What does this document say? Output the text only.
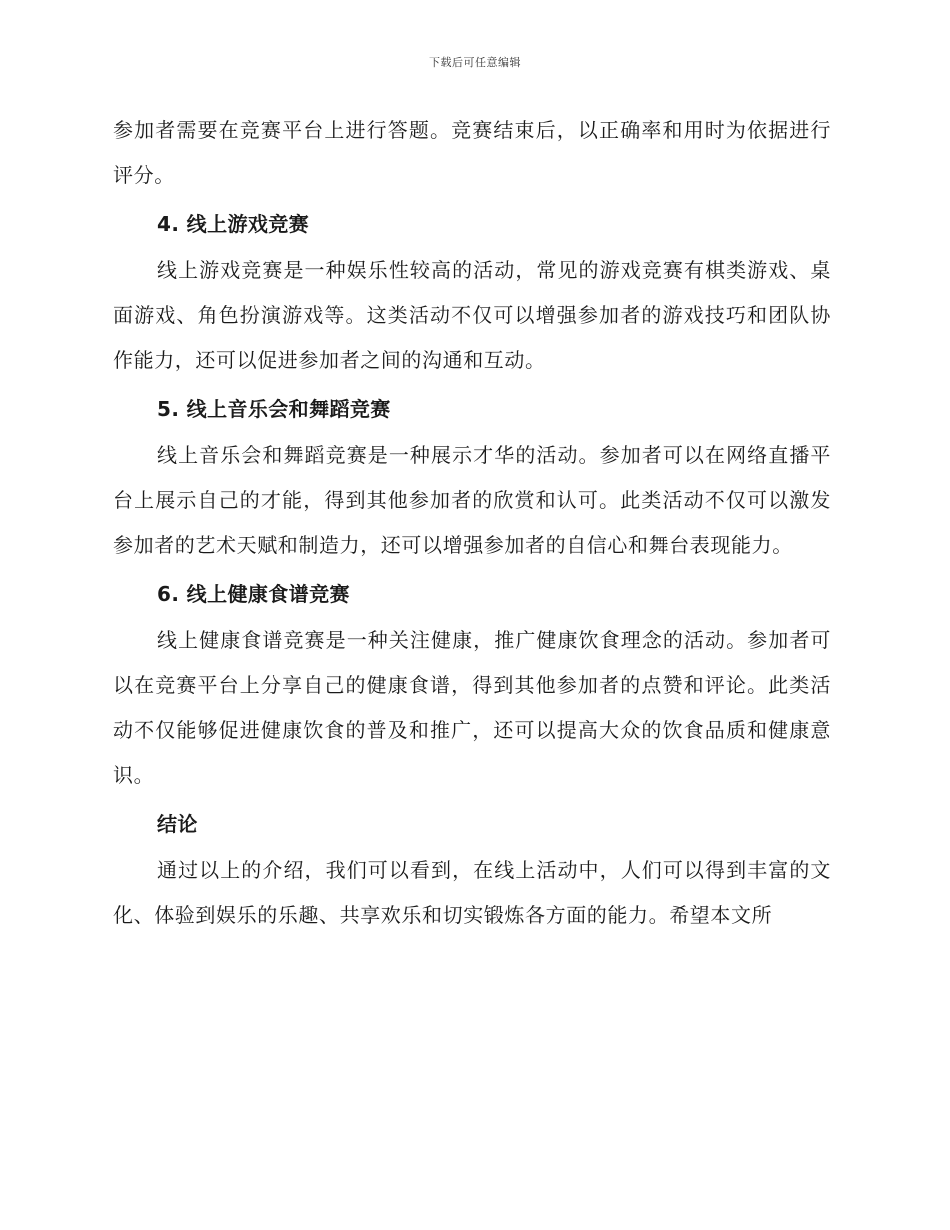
下载后可任意编辑

参加者需要在竞赛平台上进行答题。竞赛结束后，以正确率和用时为依据进行评分。

4. 线上游戏竞赛

线上游戏竞赛是一种娱乐性较高的活动，常见的游戏竞赛有棋类游戏、桌面游戏、角色扮演游戏等。这类活动不仅可以增强参加者的游戏技巧和团队协作能力，还可以促进参加者之间的沟通和互动。

5. 线上音乐会和舞蹈竞赛

线上音乐会和舞蹈竞赛是一种展示才华的活动。参加者可以在网络直播平台上展示自己的才能，得到其他参加者的欣赏和认可。此类活动不仅可以激发参加者的艺术天赋和制造力，还可以增强参加者的自信心和舞台表现能力。

6. 线上健康食谱竞赛

线上健康食谱竞赛是一种关注健康，推广健康饮食理念的活动。参加者可以在竞赛平台上分享自己的健康食谱，得到其他参加者的点赞和评论。此类活动不仅能够促进健康饮食的普及和推广，还可以提高大众的饮食品质和健康意识。

结论

通过以上的介绍，我们可以看到，在线上活动中，人们可以得到丰富的文化、体验到娱乐的乐趣、共享欢乐和切实锻炼各方面的能力。希望本文所
